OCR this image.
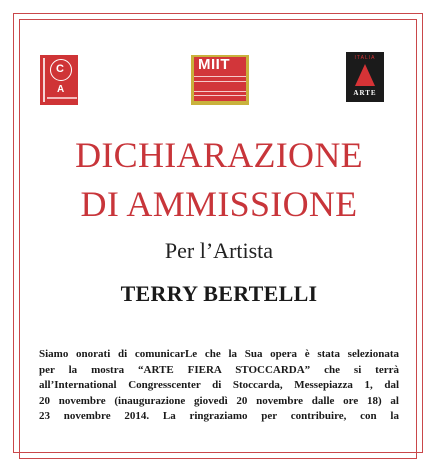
C
A
MIIT	ITALIA
ARTE
DICHIARAZIONE
DI AMMISSIONE
Per l’Artista
TERRY BERTELLI
Siamo onorati di comunicarLe che la Sua opera è stata selezionata
per la mostra “ARTE FIERA STOCCARDA” che si terrà
all’International Congresscenter di Stoccarda, Messepiazza 1, dal
20 novembre (inaugurazione giovedì 20 novembre dalle ore 18) al
23 novembre 2014. La ringraziamo per contribuire, con la
